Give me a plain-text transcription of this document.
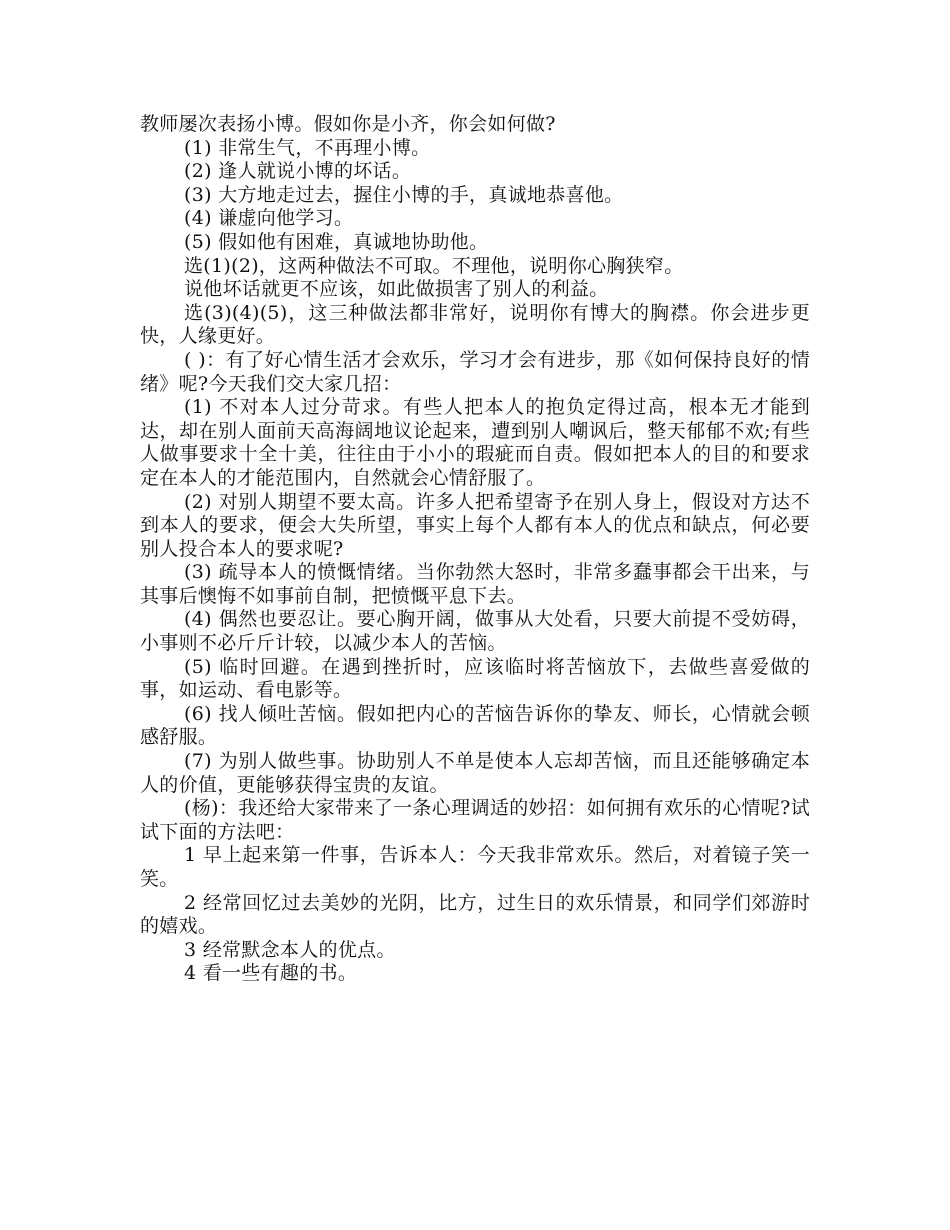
教师屡次表扬小博。假如你是小齐，你会如何做?

(1) 非常生气，不再理小博。

(2) 逢人就说小博的坏话。

(3) 大方地走过去，握住小博的手，真诚地恭喜他。

(4) 谦虚向他学习。

(5) 假如他有困难，真诚地协助他。

选(1)(2)，这两种做法不可取。不理他，说明你心胸狭窄。

说他坏话就更不应该，如此做损害了别人的利益。

选(3)(4)(5)，这三种做法都非常好，说明你有博大的胸襟。你会进步更快，人缘更好。

( )：有了好心情生活才会欢乐，学习才会有进步，那《如何保持良好的情绪》呢?今天我们交大家几招：

(1) 不对本人过分苛求。有些人把本人的抱负定得过高，根本无才能到达，却在别人面前天高海阔地议论起来，遭到别人嘲讽后，整天郁郁不欢;有些人做事要求十全十美，往往由于小小的瑕疵而自责。假如把本人的目的和要求定在本人的才能范围内，自然就会心情舒服了。

(2) 对别人期望不要太高。许多人把希望寄予在别人身上，假设对方达不到本人的要求，便会大失所望，事实上每个人都有本人的优点和缺点，何必要别人投合本人的要求呢?

(3) 疏导本人的愤慨情绪。当你勃然大怒时，非常多蠢事都会干出来，与其事后懊悔不如事前自制，把愤慨平息下去。

(4) 偶然也要忍让。要心胸开阔，做事从大处看，只要大前提不受妨碍，小事则不必斤斤计较，以减少本人的苦恼。

(5) 临时回避。在遇到挫折时，应该临时将苦恼放下，去做些喜爱做的事，如运动、看电影等。

(6) 找人倾吐苦恼。假如把内心的苦恼告诉你的挚友、师长，心情就会顿感舒服。

(7) 为别人做些事。协助别人不单是使本人忘却苦恼，而且还能够确定本人的价值，更能够获得宝贵的友谊。

(杨)：我还给大家带来了一条心理调适的妙招：如何拥有欢乐的心情呢?试试下面的方法吧：

1 早上起来第一件事，告诉本人：今天我非常欢乐。然后，对着镜子笑一笑。

2 经常回忆过去美妙的光阴，比方，过生日的欢乐情景，和同学们郊游时的嬉戏。

3 经常默念本人的优点。

4 看一些有趣的书。
